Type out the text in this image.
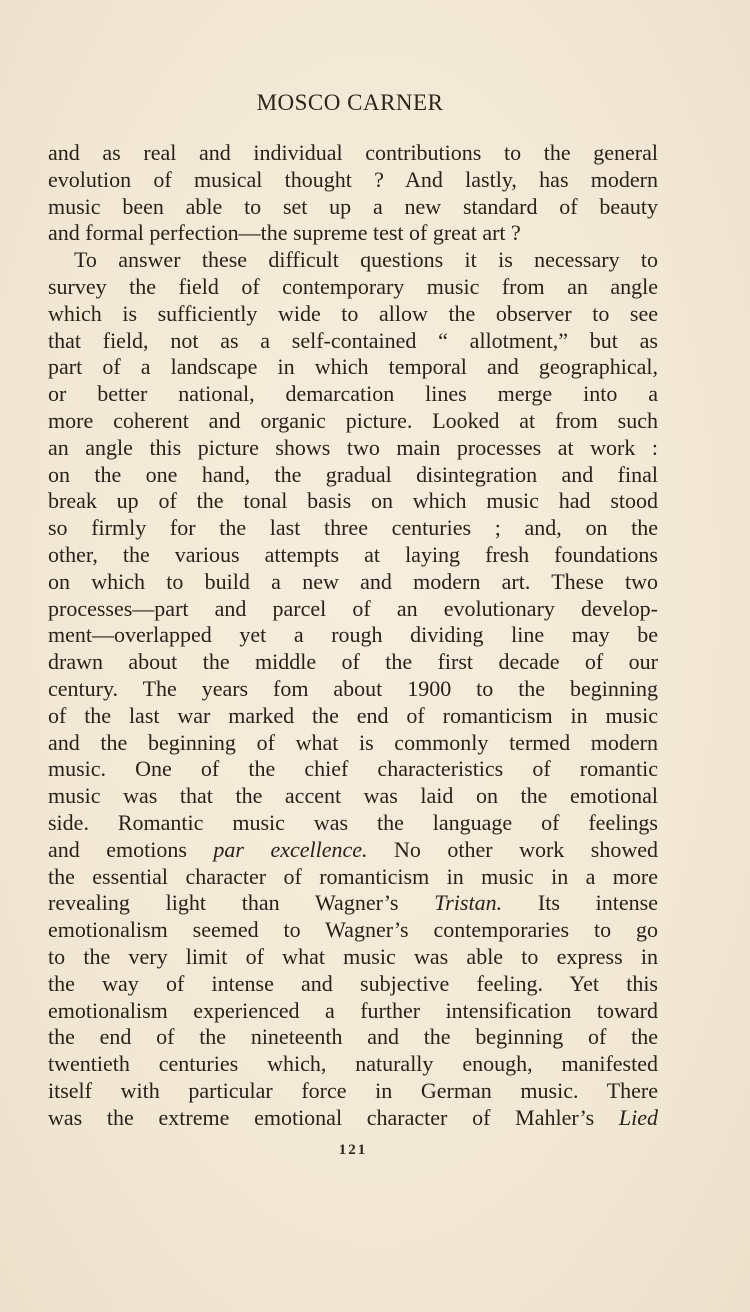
MOSCO CARNER
and as real and individual contributions to the general
evolution of musical thought ? And lastly, has modern
music been able to set up a new standard of beauty
and formal perfection—the supreme test of great art ?
To answer these difficult questions it is necessary to
survey the field of contemporary music from an angle
which is sufficiently wide to allow the observer to see
that field, not as a self-contained “ allotment,” but as
part of a landscape in which temporal and geographical,
or better national, demarcation lines merge into a
more coherent and organic picture. Looked at from such
an angle this picture shows two main processes at work :
on the one hand, the gradual disintegration and final
break up of the tonal basis on which music had stood
so firmly for the last three centuries ; and, on the
other, the various attempts at laying fresh foundations
on which to build a new and modern art. These two
processes—part and parcel of an evolutionary develop-
ment—overlapped yet a rough dividing line may be
drawn about the middle of the first decade of our
century. The years fom about 1900 to the beginning
of the last war marked the end of romanticism in music
and the beginning of what is commonly termed modern
music. One of the chief characteristics of romantic
music was that the accent was laid on the emotional
side. Romantic music was the language of feelings
and emotions par excellence. No other work showed
the essential character of romanticism in music in a more
revealing light than Wagner’s Tristan. Its intense
emotionalism seemed to Wagner’s contemporaries to go
to the very limit of what music was able to express in
the way of intense and subjective feeling. Yet this
emotionalism experienced a further intensification toward
the end of the nineteenth and the beginning of the
twentieth centuries which, naturally enough, manifested
itself with particular force in German music. There
was the extreme emotional character of Mahler’s Lied
121
